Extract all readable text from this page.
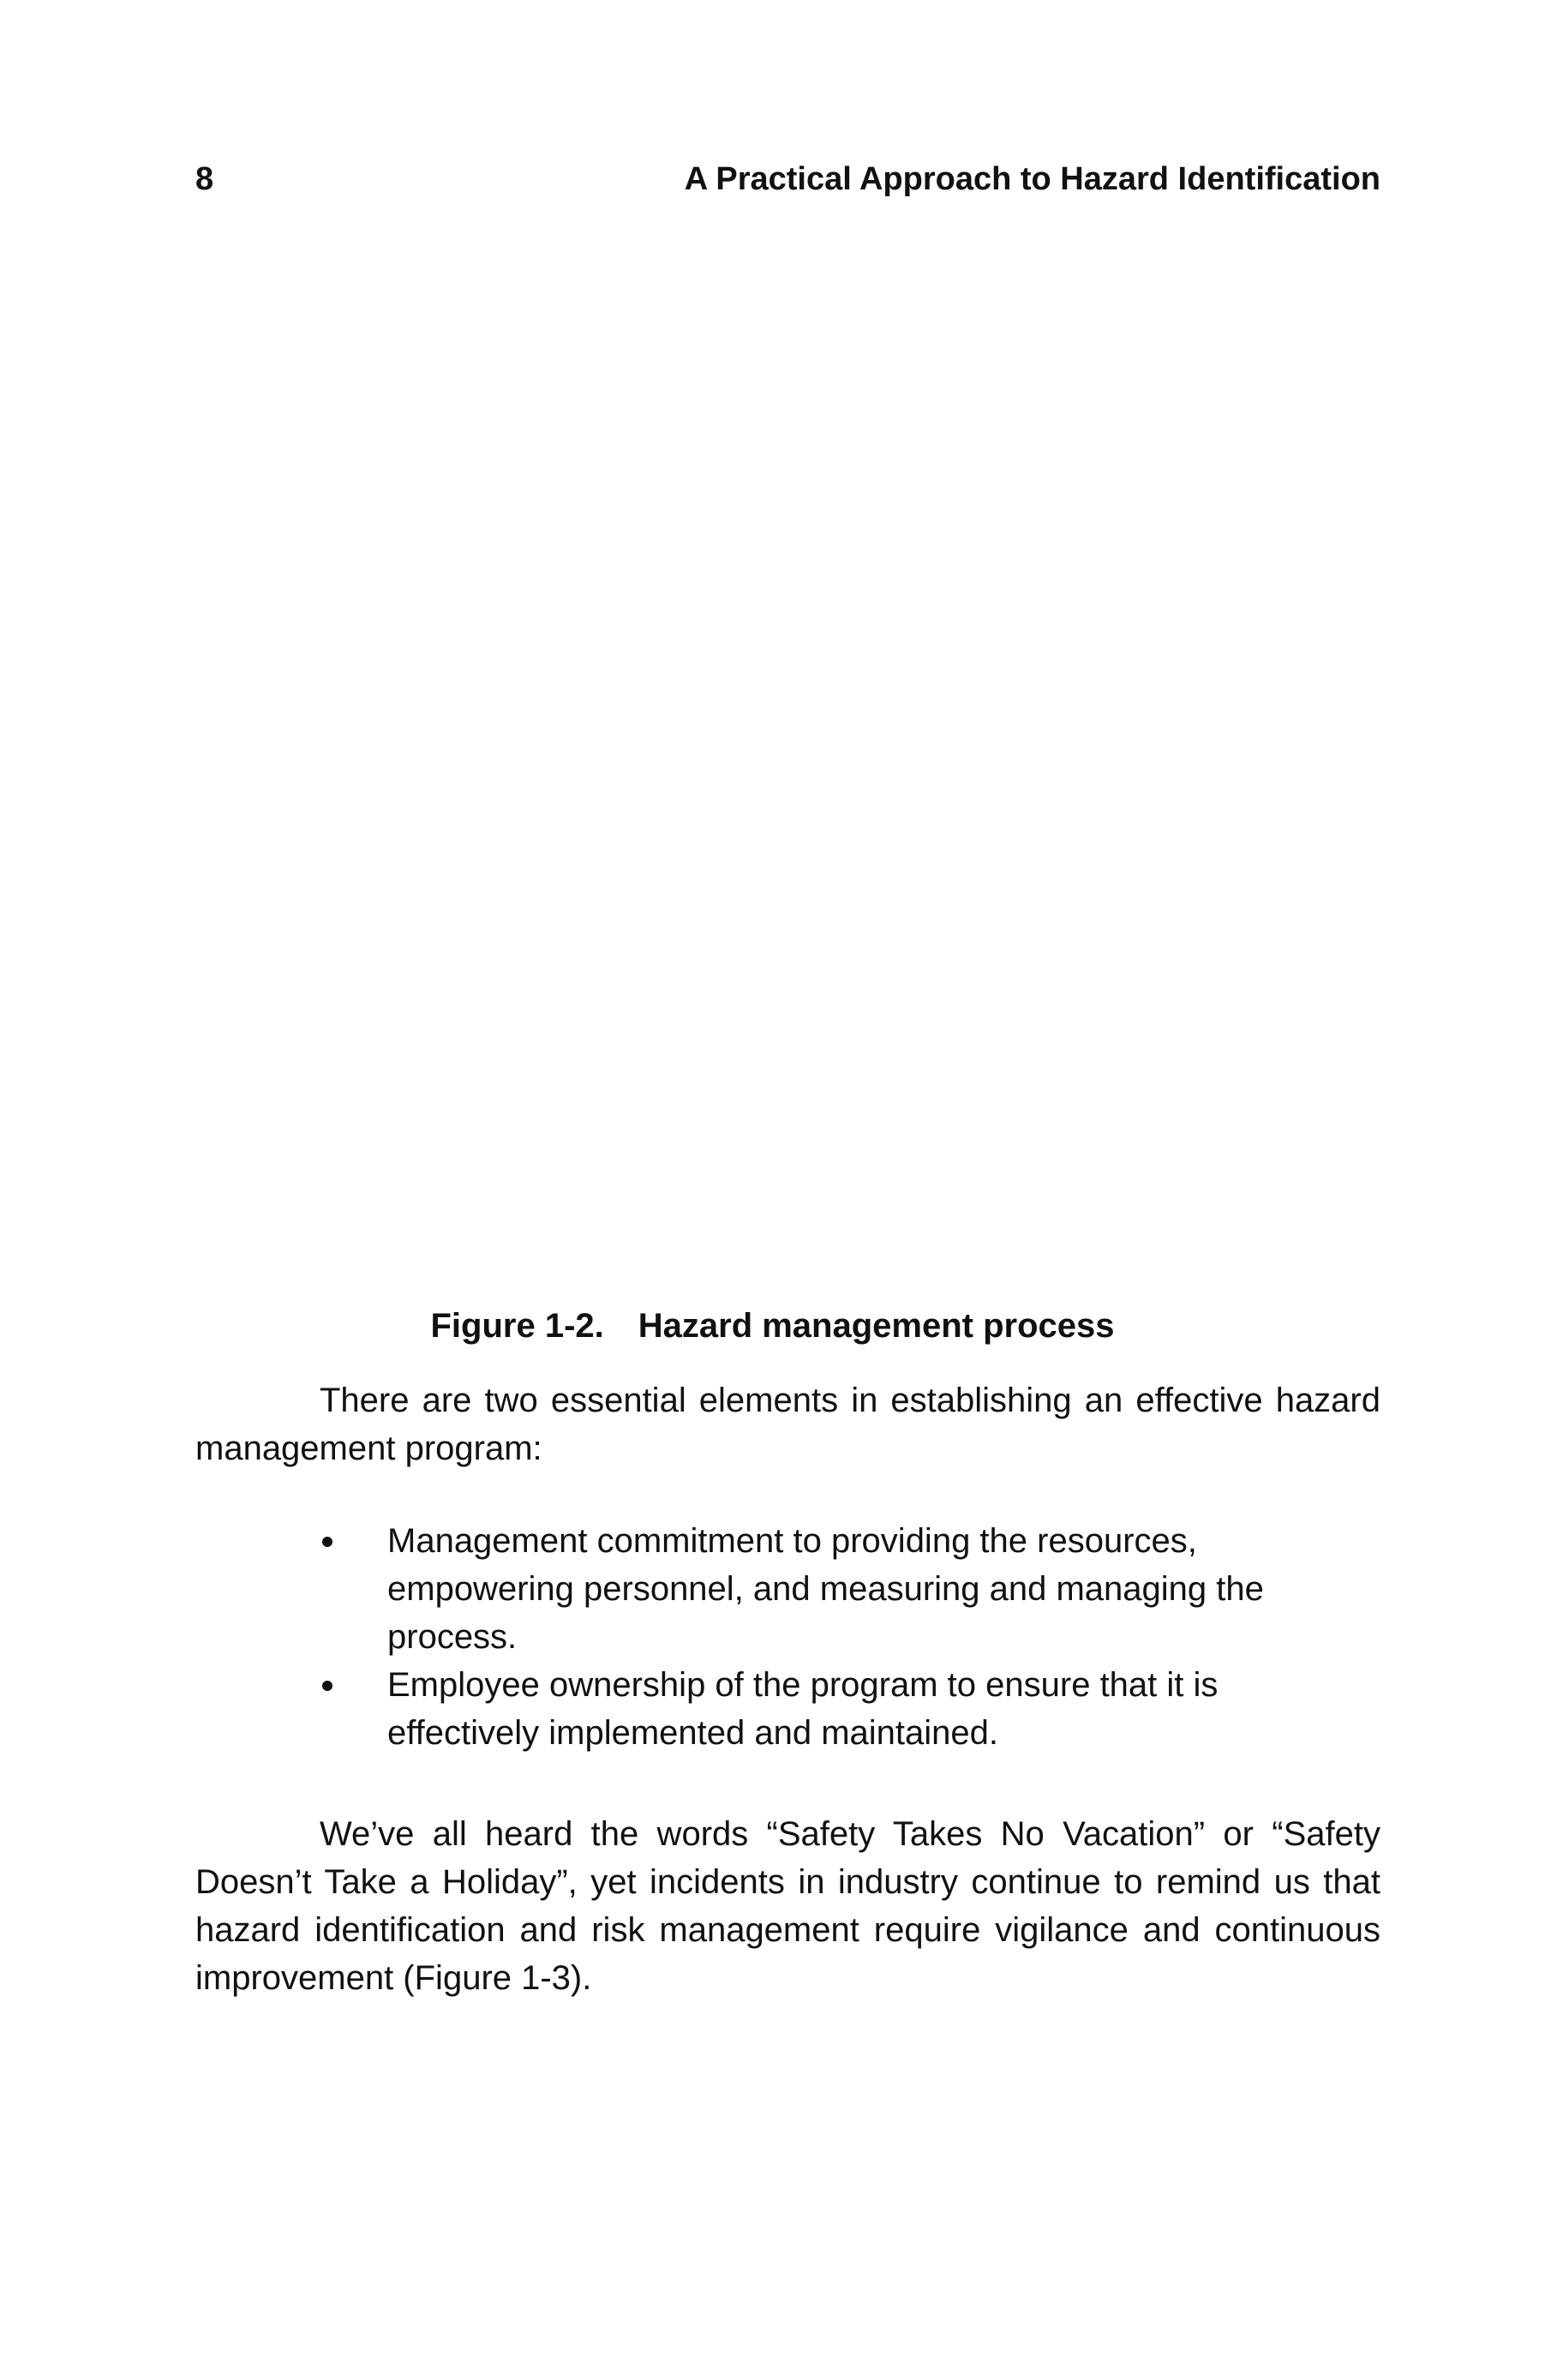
8	A Practical Approach to Hazard Identification
Figure 1-2. Hazard management process
There are two essential elements in establishing an effective hazard management program:
Management commitment to providing the resources, empowering personnel, and measuring and managing the process.
Employee ownership of the program to ensure that it is effectively implemented and maintained.
We’ve all heard the words “Safety Takes No Vacation” or “Safety Doesn’t Take a Holiday”, yet incidents in industry continue to remind us that hazard identification and risk management require vigilance and continuous improvement (Figure 1-3).
